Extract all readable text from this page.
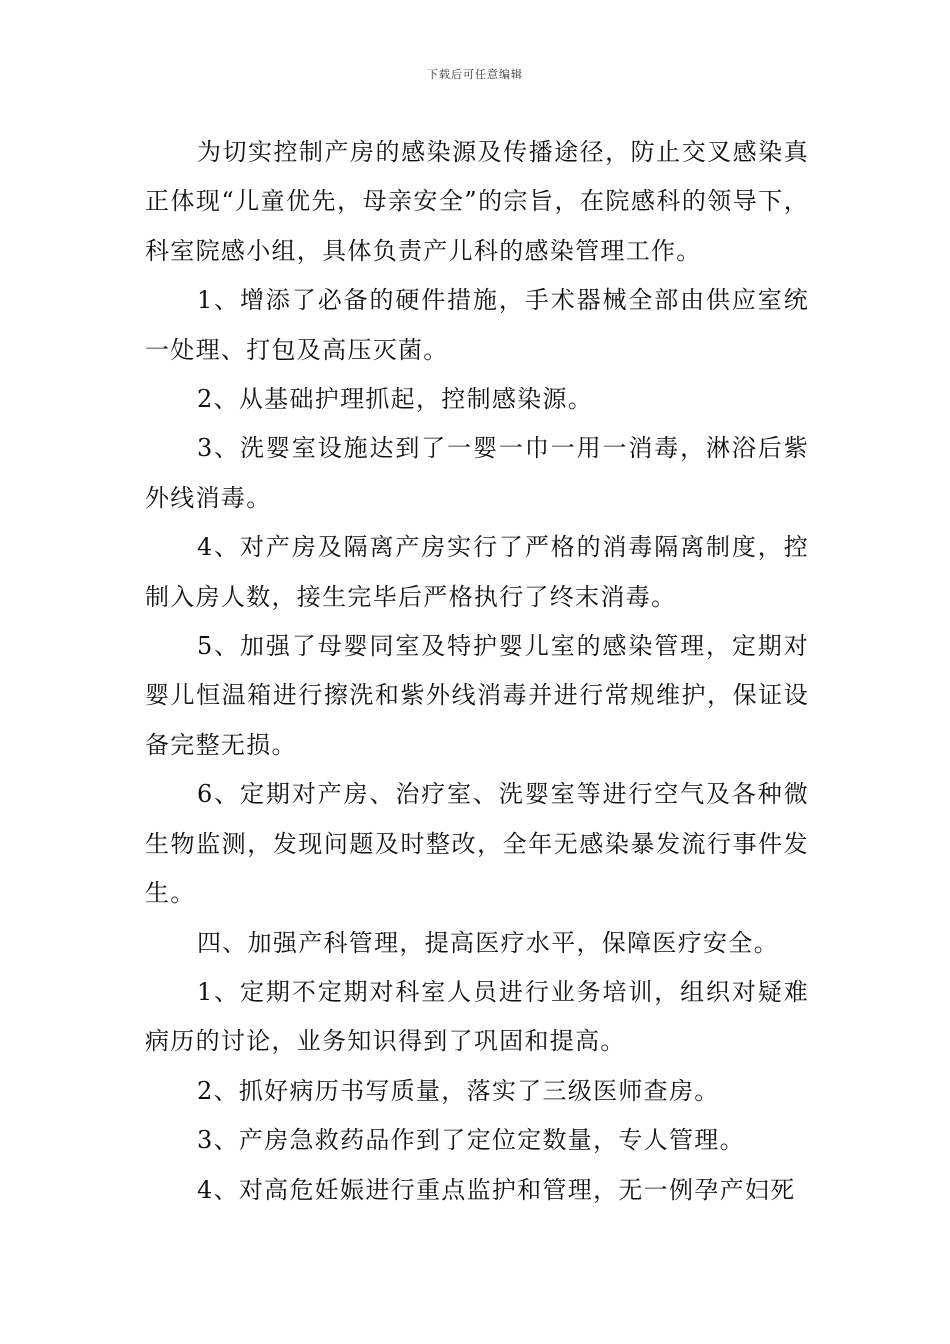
下载后可任意编辑

为切实控制产房的感染源及传播途径，防止交叉感染真正体现“儿童优先，母亲安全”的宗旨，在院感科的领导下，科室院感小组，具体负责产儿科的感染管理工作。

1、增添了必备的硬件措施，手术器械全部由供应室统一处理、打包及高压灭菌。

2、从基础护理抓起，控制感染源。

3、洗婴室设施达到了一婴一巾一用一消毒，淋浴后紫外线消毒。

4、对产房及隔离产房实行了严格的消毒隔离制度，控制入房人数，接生完毕后严格执行了终末消毒。

5、加强了母婴同室及特护婴儿室的感染管理，定期对婴儿恒温箱进行擦洗和紫外线消毒并进行常规维护，保证设备完整无损。

6、定期对产房、治疗室、洗婴室等进行空气及各种微生物监测，发现问题及时整改，全年无感染暴发流行事件发生。

四、加强产科管理，提高医疗水平，保障医疗安全。

1、定期不定期对科室人员进行业务培训，组织对疑难病历的讨论，业务知识得到了巩固和提高。

2、抓好病历书写质量，落实了三级医师查房。

3、产房急救药品作到了定位定数量，专人管理。

4、对高危妊娠进行重点监护和管理，无一例孕产妇死
